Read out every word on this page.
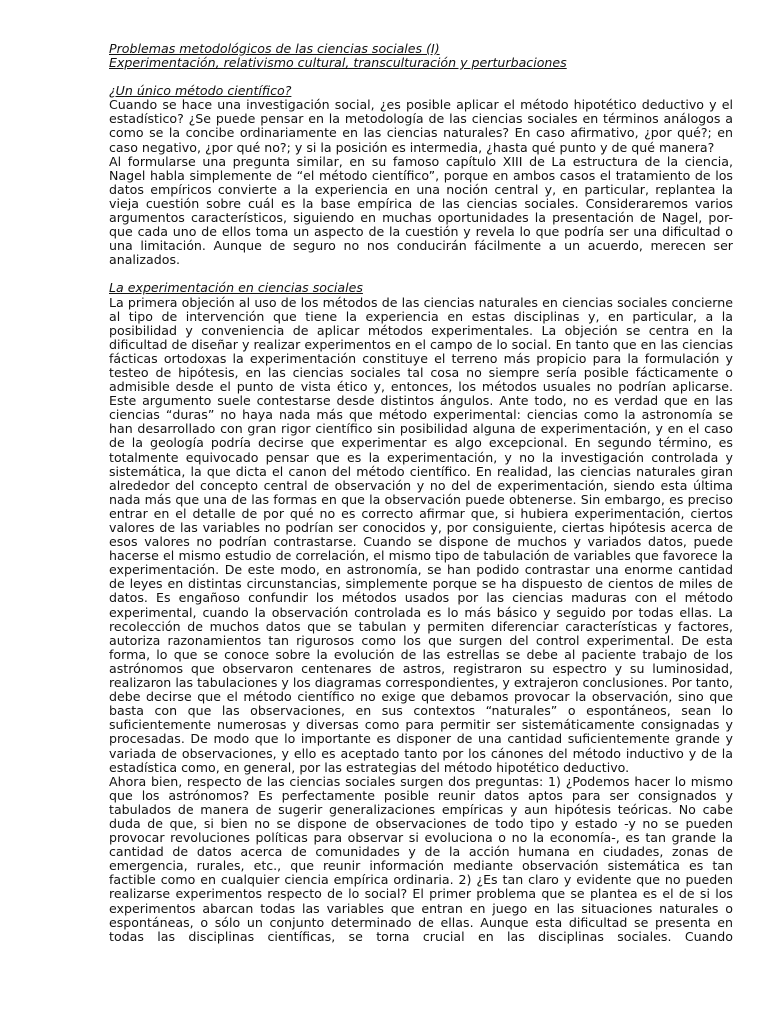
Problemas metodológicos de las ciencias sociales (I)

Experimentación, relativismo cultural, transculturación y perturbaciones

¿Un único método científico?

Cuando se hace una investigación social, ¿es posible aplicar el método hipotético deductivo y el estadístico? ¿Se puede pensar en la metodología de las ciencias sociales en términos análogos a como se la concibe ordinariamente en las ciencias naturales? En caso afirmativo, ¿por qué?; en caso negativo, ¿por qué no?; y si la posición es intermedia, ¿hasta qué punto y de qué manera?

Al formularse una pregunta similar, en su famoso capítulo XIII de La estructura de la ciencia, Nagel habla simplemente de “el método científico”, porque en ambos casos el tratamiento de los datos empíricos convierte a la experiencia en una noción central y, en particular, replantea la vieja cuestión sobre cuál es la base empírica de las ciencias sociales. Consideraremos varios argumentos característicos, siguiendo en muchas oportunidades la presentación de Nagel, por-que cada uno de ellos toma un aspecto de la cuestión y revela lo que podría ser una dificultad o una limitación. Aunque de seguro no nos conducirán fácilmente a un acuerdo, merecen ser analizados.

La experimentación en ciencias sociales

La primera objeción al uso de los métodos de las ciencias naturales en ciencias sociales concierne al tipo de intervención que tiene la experiencia en estas disciplinas y, en particular, a la posibilidad y conveniencia de aplicar métodos experimentales. La objeción se centra en la dificultad de diseñar y realizar experimentos en el campo de lo social. En tanto que en las ciencias fácticas ortodoxas la experimentación constituye el terreno más propicio para la formulación y testeo de hipótesis, en las ciencias sociales tal cosa no siempre sería posible fácticamente o admisible desde el punto de vista ético y, entonces, los métodos usuales no podrían aplicarse. Este argumento suele contestarse desde distintos ángulos. Ante todo, no es verdad que en las ciencias “duras” no haya nada más que método experimental: ciencias como la astronomía se han desarrollado con gran rigor científico sin posibilidad alguna de experimentación, y en el caso de la geología podría decirse que experimentar es algo excepcional. En segundo término, es totalmente equivocado pensar que es la experimentación, y no la investigación controlada y sistemática, la que dicta el canon del método científico. En realidad, las ciencias naturales giran alrededor del concepto central de observación y no del de experimentación, siendo esta última nada más que una de las formas en que la observación puede obtenerse. Sin embargo, es preciso entrar en el detalle de por qué no es correcto afirmar que, si hubiera experimentación, ciertos valores de las variables no podrían ser conocidos y, por consiguiente, ciertas hipótesis acerca de esos valores no podrían contrastarse. Cuando se dispone de muchos y variados datos, puede hacerse el mismo estudio de correlación, el mismo tipo de tabulación de variables que favorece la experimentación. De este modo, en astronomía, se han podido contrastar una enorme cantidad de leyes en distintas circunstancias, simplemente porque se ha dispuesto de cientos de miles de datos. Es engañoso confundir los métodos usados por las ciencias maduras con el método experimental, cuando la observación controlada es lo más básico y seguido por todas ellas. La recolección de muchos datos que se tabulan y permiten diferenciar características y factores, autoriza razonamientos tan rigurosos como los que surgen del control experimental. De esta forma, lo que se conoce sobre la evolución de las estrellas se debe al paciente trabajo de los astrónomos que observaron centenares de astros, registraron su espectro y su luminosidad, realizaron las tabulaciones y los diagramas correspondientes, y extrajeron conclusiones. Por tanto, debe decirse que el método científico no exige que debamos provocar la observación, sino que basta con que las observaciones, en sus contextos “naturales” o espontáneos, sean lo suficientemente numerosas y diversas como para permitir ser sistemáticamente consignadas y procesadas. De modo que lo importante es disponer de una cantidad suficientemente grande y variada de observaciones, y ello es aceptado tanto por los cánones del método inductivo y de la estadística como, en general, por las estrategias del método hipotético deductivo.

Ahora bien, respecto de las ciencias sociales surgen dos preguntas: 1) ¿Podemos hacer lo mismo que los astrónomos? Es perfectamente posible reunir datos aptos para ser consignados y tabulados de manera de sugerir generalizaciones empíricas y aun hipótesis teóricas. No cabe duda de que, si bien no se dispone de observaciones de todo tipo y estado -y no se pueden provocar revoluciones políticas para observar si evoluciona o no la economía-, es tan grande la cantidad de datos acerca de comunidades y de la acción humana en ciudades, zonas de emergencia, rurales, etc., que reunir información mediante observación sistemática es tan factible como en cualquier ciencia empírica ordinaria. 2) ¿Es tan claro y evidente que no pueden realizarse experimentos respecto de lo social? El primer problema que se plantea es el de si los experimentos abarcan todas las variables que entran en juego en las situaciones naturales o espontáneas, o sólo un conjunto determinado de ellas. Aunque esta dificultad se presenta en todas las disciplinas científicas, se torna crucial en las disciplinas sociales. Cuando
